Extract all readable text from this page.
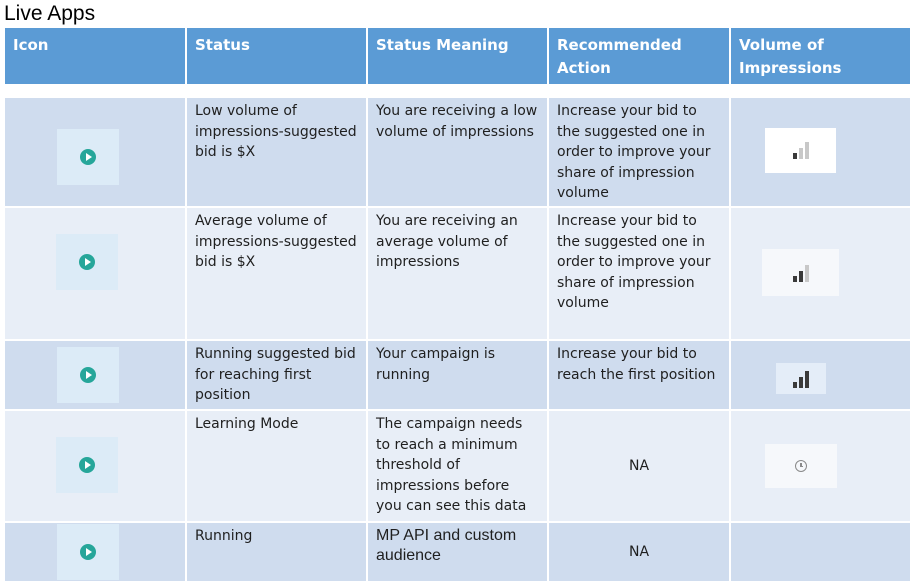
Live Apps
Icon	Status	Status Meaning	Recommended Action	Volume of Impressions

	Low volume of impressions-suggested bid is $X	You are receiving a low volume of impressions	Increase your bid to the suggested one in order to improve your share of impression volume	

	Average volume of impressions-suggested bid is $X	You are receiving an average volume of impressions	Increase your bid to the suggested one in order to improve your share of impression volume	

	Running suggested bid for reaching first position	Your campaign is running	Increase your bid to reach the first position	

	Learning Mode	The campaign needs to reach a minimum threshold of impressions before you can see this data	NA	

	Running	MP API and custom audience	NA	
